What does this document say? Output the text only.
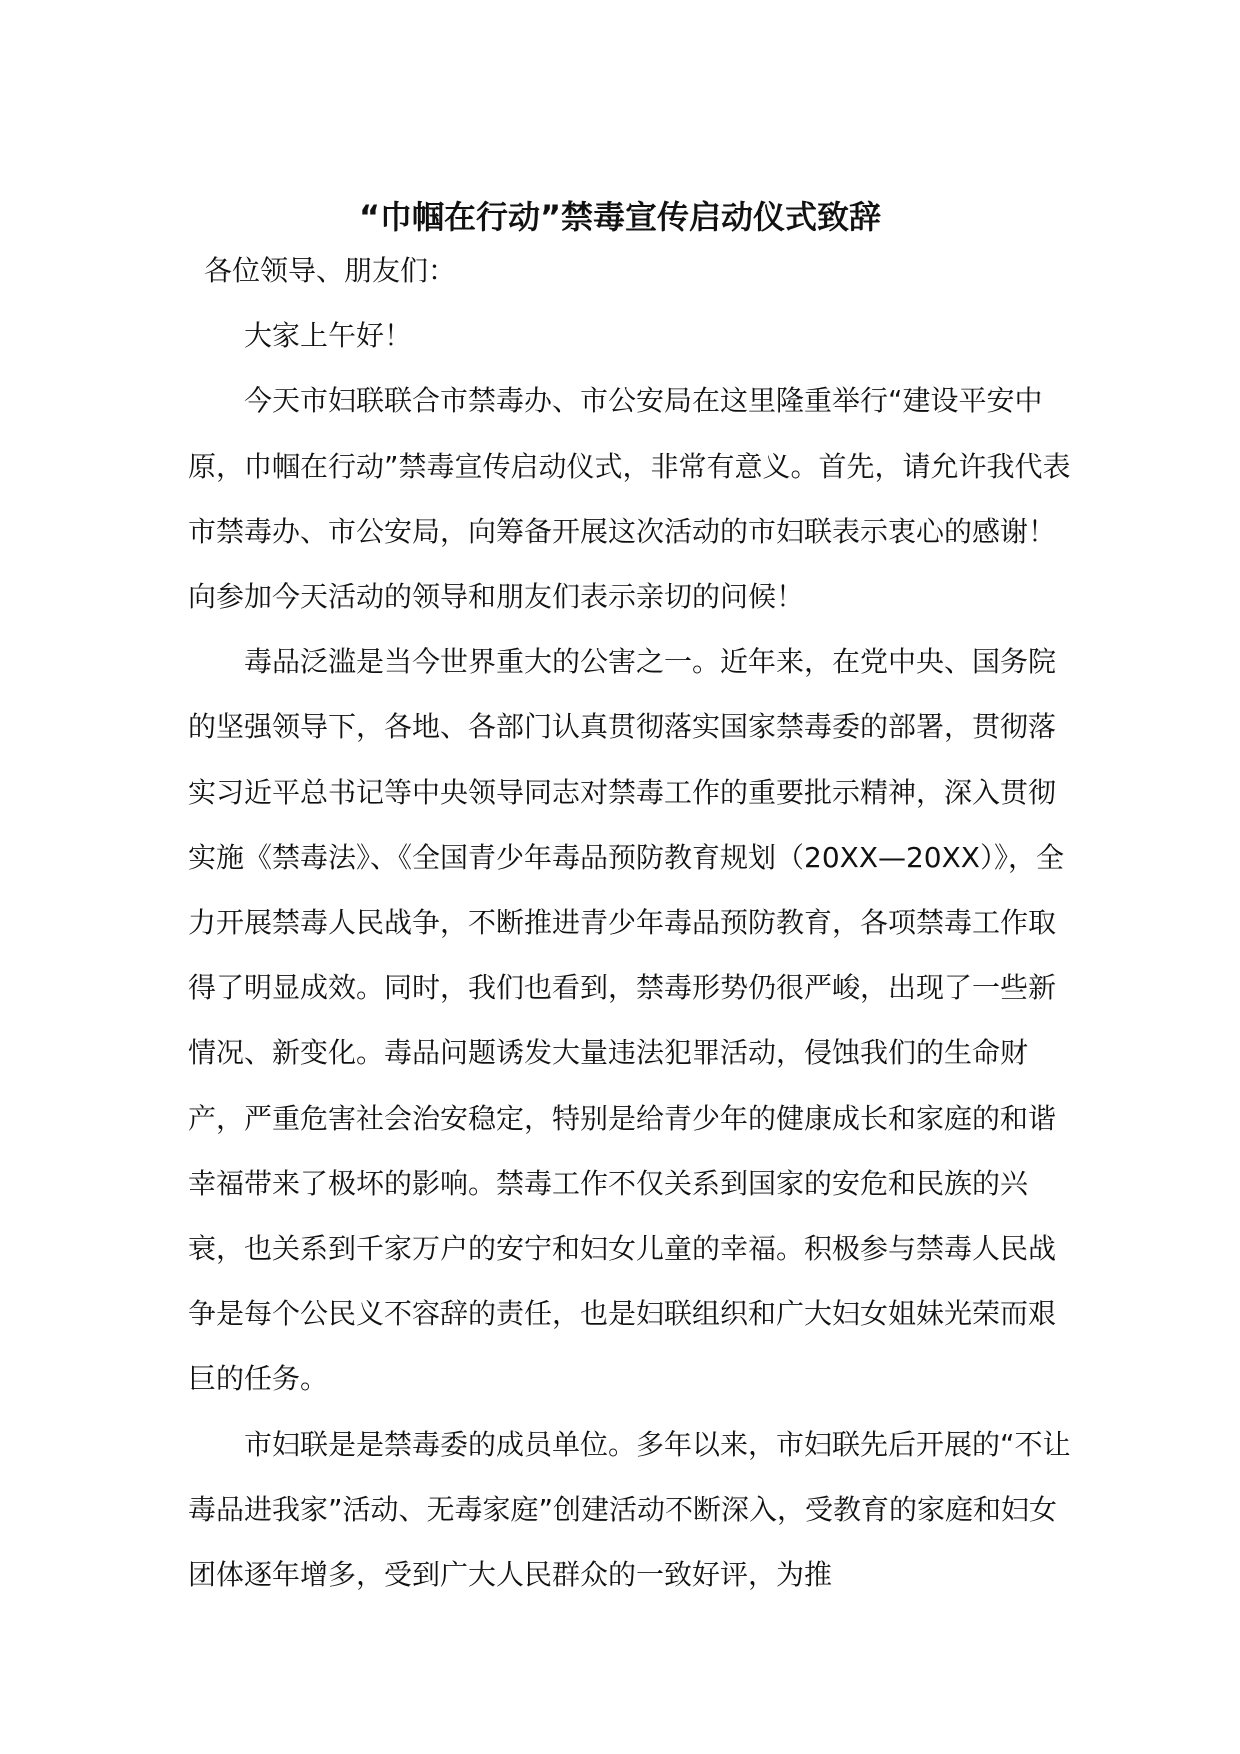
“巾帼在行动”禁毒宣传启动仪式致辞

各位领导、朋友们：

大家上午好！

今天市妇联联合市禁毒办、市公安局在这里隆重举行“建设平安中原，巾帼在行动”禁毒宣传启动仪式，非常有意义。首先，请允许我代表市禁毒办、市公安局，向筹备开展这次活动的市妇联表示衷心的感谢！向参加今天活动的领导和朋友们表示亲切的问候！

毒品泛滥是当今世界重大的公害之一。近年来，在党中央、国务院的坚强领导下，各地、各部门认真贯彻落实国家禁毒委的部署，贯彻落实习近平总书记等中央领导同志对禁毒工作的重要批示精神，深入贯彻实施《禁毒法》、《全国青少年毒品预防教育规划（20XX—20XX）》，全力开展禁毒人民战争，不断推进青少年毒品预防教育，各项禁毒工作取得了明显成效。同时，我们也看到，禁毒形势仍很严峻，出现了一些新情况、新变化。毒品问题诱发大量违法犯罪活动，侵蚀我们的生命财产，严重危害社会治安稳定，特别是给青少年的健康成长和家庭的和谐幸福带来了极坏的影响。禁毒工作不仅关系到国家的安危和民族的兴衰，也关系到千家万户的安宁和妇女儿童的幸福。积极参与禁毒人民战争是每个公民义不容辞的责任，也是妇联组织和广大妇女姐妹光荣而艰巨的任务。

市妇联是是禁毒委的成员单位。多年以来，市妇联先后开展的“不让毒品进我家”活动、无毒家庭”创建活动不断深入，受教育的家庭和妇女团体逐年增多，受到广大人民群众的一致好评，为推
